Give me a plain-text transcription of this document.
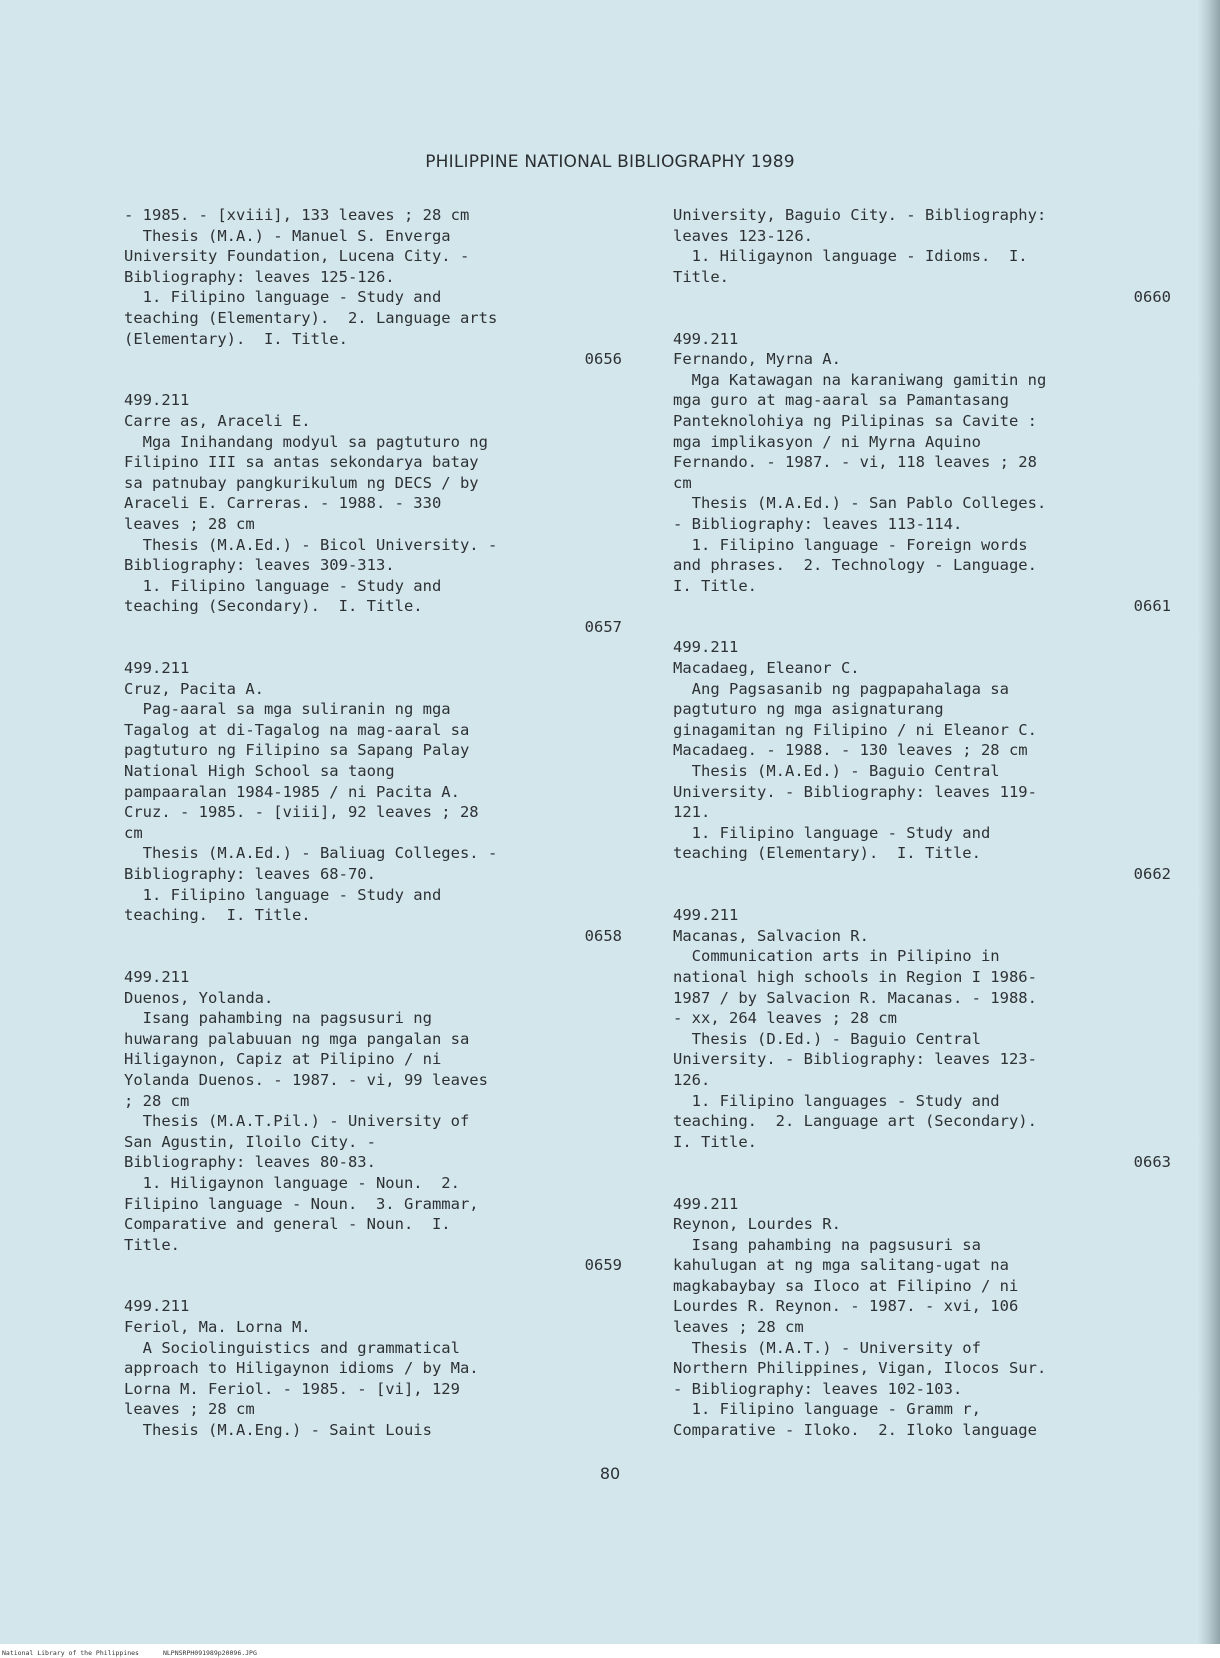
PHILIPPINE NATIONAL BIBLIOGRAPHY 1989
- 1985. - [xviii], 133 leaves ; 28 cm
Thesis (M.A.) - Manuel S. Enverga
University Foundation, Lucena City. -
Bibliography: leaves 125-126.
1. Filipino language - Study and
teaching (Elementary).  2. Language arts
(Elementary).  I. Title.
0656
499.211
Carre as, Araceli E.
Mga Inihandang modyul sa pagtuturo ng
Filipino III sa antas sekondarya batay
sa patnubay pangkurikulum ng DECS / by
Araceli E. Carreras. - 1988. - 330
leaves ; 28 cm
Thesis (M.A.Ed.) - Bicol University. -
Bibliography: leaves 309-313.
1. Filipino language - Study and
teaching (Secondary).  I. Title.
0657
499.211
Cruz, Pacita A.
Pag-aaral sa mga suliranin ng mga
Tagalog at di-Tagalog na mag-aaral sa
pagtuturo ng Filipino sa Sapang Palay
National High School sa taong
pampaaralan 1984-1985 / ni Pacita A.
Cruz. - 1985. - [viii], 92 leaves ; 28
cm
Thesis (M.A.Ed.) - Baliuag Colleges. -
Bibliography: leaves 68-70.
1. Filipino language - Study and
teaching.  I. Title.
0658
499.211
Duenos, Yolanda.
Isang pahambing na pagsusuri ng
huwarang palabuuan ng mga pangalan sa
Hiligaynon, Capiz at Pilipino / ni
Yolanda Duenos. - 1987. - vi, 99 leaves
; 28 cm
Thesis (M.A.T.Pil.) - University of
San Agustin, Iloilo City. -
Bibliography: leaves 80-83.
1. Hiligaynon language - Noun.  2.
Filipino language - Noun.  3. Grammar,
Comparative and general - Noun.  I.
Title.
0659
499.211
Feriol, Ma. Lorna M.
A Sociolinguistics and grammatical
approach to Hiligaynon idioms / by Ma.
Lorna M. Feriol. - 1985. - [vi], 129
leaves ; 28 cm
Thesis (M.A.Eng.) - Saint Louis
University, Baguio City. - Bibliography:
leaves 123-126.
1. Hiligaynon language - Idioms.  I.
Title.
0660
499.211
Fernando, Myrna A.
Mga Katawagan na karaniwang gamitin ng
mga guro at mag-aaral sa Pamantasang
Panteknolohiya ng Pilipinas sa Cavite :
mga implikasyon / ni Myrna Aquino
Fernando. - 1987. - vi, 118 leaves ; 28
cm
Thesis (M.A.Ed.) - San Pablo Colleges.
- Bibliography: leaves 113-114.
1. Filipino language - Foreign words
and phrases.  2. Technology - Language.
I. Title.
0661
499.211
Macadaeg, Eleanor C.
Ang Pagsasanib ng pagpapahalaga sa
pagtuturo ng mga asignaturang
ginagamitan ng Filipino / ni Eleanor C.
Macadaeg. - 1988. - 130 leaves ; 28 cm
Thesis (M.A.Ed.) - Baguio Central
University. - Bibliography: leaves 119-
121.
1. Filipino language - Study and
teaching (Elementary).  I. Title.
0662
499.211
Macanas, Salvacion R.
Communication arts in Pilipino in
national high schools in Region I 1986-
1987 / by Salvacion R. Macanas. - 1988.
- xx, 264 leaves ; 28 cm
Thesis (D.Ed.) - Baguio Central
University. - Bibliography: leaves 123-
126.
1. Filipino languages - Study and
teaching.  2. Language art (Secondary).
I. Title.
0663
499.211
Reynon, Lourdes R.
Isang pahambing na pagsusuri sa
kahulugan at ng mga salitang-ugat na
magkabaybay sa Iloco at Filipino / ni
Lourdes R. Reynon. - 1987. - xvi, 106
leaves ; 28 cm
Thesis (M.A.T.) - University of
Northern Philippines, Vigan, Ilocos Sur.
- Bibliography: leaves 102-103.
1. Filipino language - Gramm r,
Comparative - Iloko.  2. Iloko language
80
National Library of the Philippines	NLPNSRPH091989p20096.JPG
